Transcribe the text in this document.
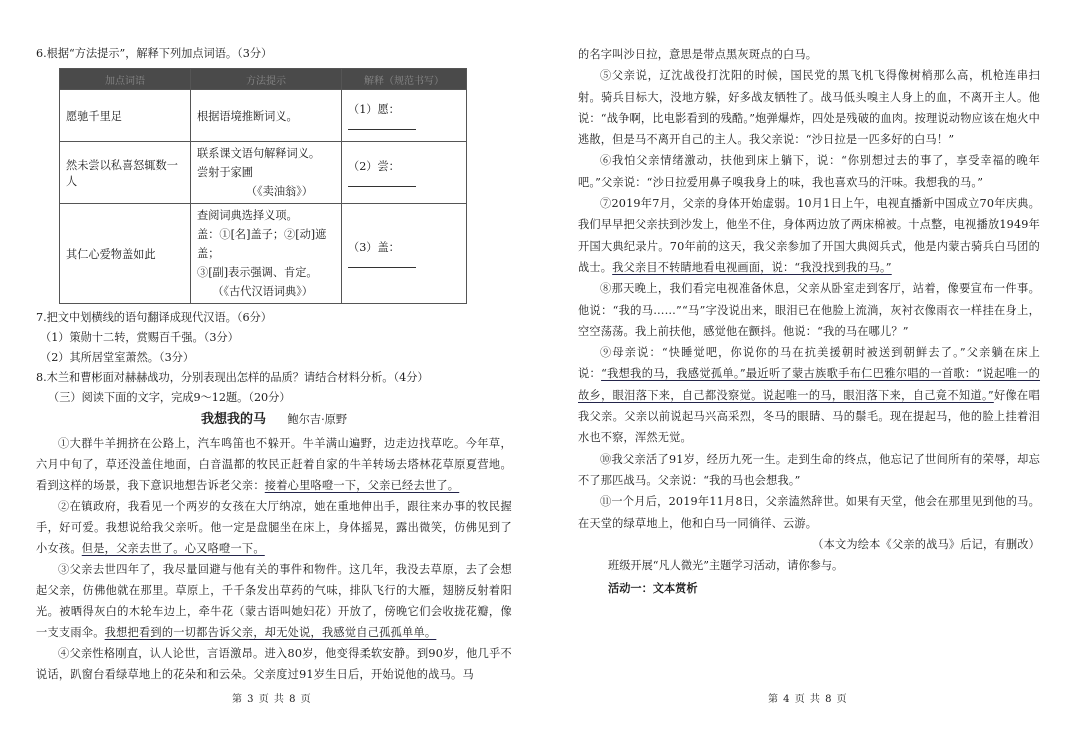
6.根据“方法提示”，解释下列加点词语。（3分）
加点词语	方法提示	解释（规范书写）
愿驰千里足	根据语境推断词义。	（1）愿：
然未尝以私喜怒辄数一人	联系课文语句解释词义。
尝射于家圃
（《卖油翁》）	（2）尝：
其仁心爱物盖如此	查阅词典选择义项。
盖：①[名]盖子；②[动]遮盖；
③[副]表示强调、肯定。
（《古代汉语词典》）	（3）盖：
7.把文中划横线的语句翻译成现代汉语。（6分）
（1）策勋十二转，赏赐百千强。（3分）
（2）其所居堂室萧然。（3分）
8.木兰和曹彬面对赫赫战功，分别表现出怎样的品质？请结合材料分析。（4分）
（三）阅读下面的文字，完成9～12题。（20分）
我想我的马 鲍尔吉·原野
①大群牛羊拥挤在公路上，汽车鸣笛也不躲开。牛羊满山遍野，边走边找草吃。今年草，六月中旬了，草还没盖住地面，白音温都的牧民正赶着自家的牛羊转场去塔林花草原夏营地。看到这样的场景，我下意识地想告诉老父亲：接着心里咯噔一下，父亲已经去世了。
②在镇政府，我看见一个两岁的女孩在大厅纳凉，她在重地伸出手，跟往来办事的牧民握手，好可爱。我想说给我父亲听。他一定是盘腿坐在床上，身体摇晃，露出微笑，仿佛见到了小女孩。但是，父亲去世了。心又咯噔一下。
③父亲去世四年了，我尽量回避与他有关的事件和物件。这几年，我没去草原，去了会想起父亲，仿佛他就在那里。草原上，千千条发出草药的气味，排队飞行的大雁，翅膀反射着阳光。被晒得灰白的木轮车边上，牵牛花（蒙古语叫她妇花）开放了，傍晚它们会收拢花瓣，像一支支雨伞。我想把看到的一切都告诉父亲，却无处说，我感觉自己孤孤单单。
④父亲性格刚直，认人论世，言语激昂。进入80岁，他变得柔软安静。到90岁，他几乎不说话，趴窗台看绿草地上的花朵和和云朵。父亲度过91岁生日后，开始说他的战马。马
第 3 页 共 8 页
的名字叫沙日拉，意思是带点黑灰斑点的白马。
⑤父亲说，辽沈战役打沈阳的时候，国民党的黑飞机飞得像树梢那么高，机枪连串扫射。骑兵目标大，没地方躲，好多战友牺牲了。战马低头嗅主人身上的血，不离开主人。他说：“战争啊，比电影看到的残酷。”炮弹爆炸，四处是残破的血肉。按理说动物应该在炮火中逃散，但是马不离开自己的主人。我父亲说：“沙日拉是一匹多好的白马！”
⑥我怕父亲情绪激动，扶他到床上躺下，说：“你别想过去的事了，享受幸福的晚年吧。”父亲说：“沙日拉爱用鼻子嗅我身上的味，我也喜欢马的汗味。我想我的马。”
⑦2019年7月，父亲的身体开始虚弱。10月1日上午，电视直播新中国成立70年庆典。我们早早把父亲扶到沙发上，他坐不住，身体两边放了两床棉被。十点整，电视播放1949年开国大典纪录片。70年前的这天，我父亲参加了开国大典阅兵式，他是内蒙古骑兵白马团的战士。我父亲目不转睛地看电视画面，说：“我没找到我的马。”
⑧那天晚上，我们看完电视准备休息，父亲从卧室走到客厅，站着，像要宣布一件事。他说：“我的马……”“马”字没说出来，眼泪已在他脸上流淌，灰衬衣像雨衣一样挂在身上，空空荡荡。我上前扶他，感觉他在颤抖。他说：“我的马在哪儿？”
⑨母亲说：“快睡觉吧，你说你的马在抗美援朝时被送到朝鲜去了。”父亲躺在床上说：“我想我的马，我感觉孤单。”最近听了蒙古族歌手布仁巴雅尔唱的一首歌：“说起唯一的故乡，眼泪落下来，自己都没察觉。说起唯一的马，眼泪落下来，自己竟不知道。”好像在唱我父亲。父亲以前说起马兴高采烈，冬马的眼睛、马的鬃毛。现在提起马，他的脸上挂着泪水也不察，浑然无觉。
⑩我父亲活了91岁，经历九死一生。走到生命的终点，他忘记了世间所有的荣辱，却忘不了那匹战马。父亲说：“我的马也会想我。”
⑪一个月后，2019年11月8日，父亲溘然辞世。如果有天堂，他会在那里见到他的马。在天堂的绿草地上，他和白马一同徜徉、云游。
（本文为绘本《父亲的战马》后记，有删改）
班级开展“凡人微光”主题学习活动，请你参与。
活动一：文本赏析
第 4 页 共 8 页
